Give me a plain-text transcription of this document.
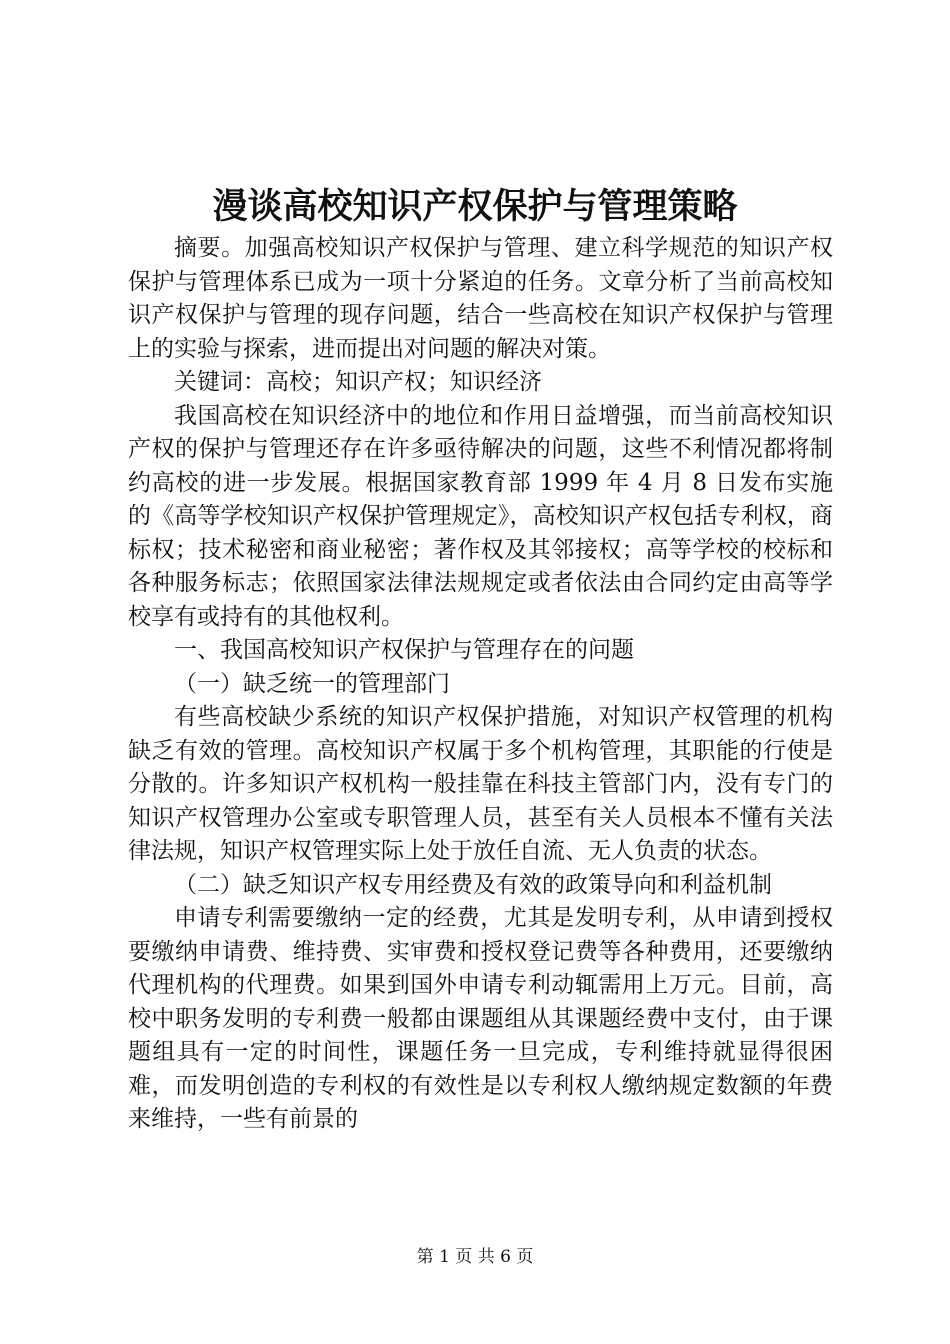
漫谈高校知识产权保护与管理策略

摘要。加强高校知识产权保护与管理、建立科学规范的知识产权保护与管理体系已成为一项十分紧迫的任务。文章分析了当前高校知识产权保护与管理的现存问题，结合一些高校在知识产权保护与管理上的实验与探索，进而提出对问题的解决对策。

关键词：高校；知识产权；知识经济

我国高校在知识经济中的地位和作用日益增强，而当前高校知识产权的保护与管理还存在许多亟待解决的问题，这些不利情况都将制约高校的进一步发展。根据国家教育部 1999 年 4 月 8 日发布实施的《高等学校知识产权保护管理规定》，高校知识产权包括专利权，商标权；技术秘密和商业秘密；著作权及其邻接权；高等学校的校标和各种服务标志；依照国家法律法规规定或者依法由合同约定由高等学校享有或持有的其他权利。

一、我国高校知识产权保护与管理存在的问题

（一）缺乏统一的管理部门

有些高校缺少系统的知识产权保护措施，对知识产权管理的机构缺乏有效的管理。高校知识产权属于多个机构管理，其职能的行使是分散的。许多知识产权机构一般挂靠在科技主管部门内，没有专门的知识产权管理办公室或专职管理人员，甚至有关人员根本不懂有关法律法规，知识产权管理实际上处于放任自流、无人负责的状态。

（二）缺乏知识产权专用经费及有效的政策导向和利益机制

申请专利需要缴纳一定的经费，尤其是发明专利，从申请到授权要缴纳申请费、维持费、实审费和授权登记费等各种费用，还要缴纳代理机构的代理费。如果到国外申请专利动辄需用上万元。目前，高校中职务发明的专利费一般都由课题组从其课题经费中支付，由于课题组具有一定的时间性，课题任务一旦完成，专利维持就显得很困难，而发明创造的专利权的有效性是以专利权人缴纳规定数额的年费来维持，一些有前景的

第 1 页 共 6 页
